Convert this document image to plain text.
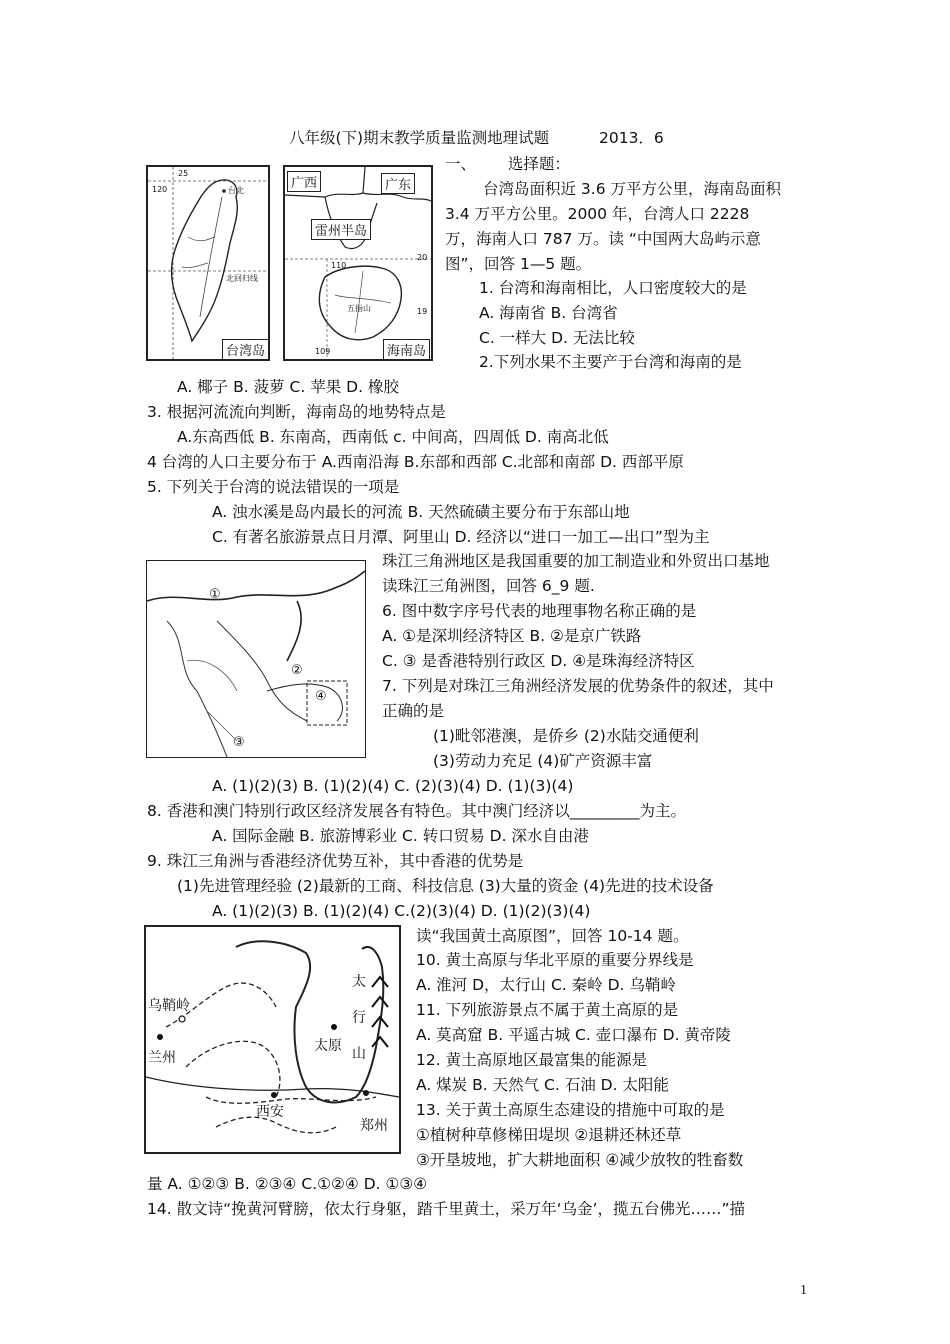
八年级(下)期末教学质量监测地理试题	2013．6
120
25
台北
北回归线
台湾岛
广西	广东
雷州半岛
110
20
109
19
五指山
海南岛
一、 选择题：
台湾岛面积近 3.6 万平方公里，海南岛面积
3.4 万平方公里。2000 年，台湾人口 2228
万，海南人口 787 万。读 “中国两大岛屿示意
图”，回答 1—5 题。
1. 台湾和海南相比，人口密度较大的是
A. 海南省 B. 台湾省
C. 一样大 D. 无法比较
2.下列水果不主要产于台湾和海南的是
A. 椰子 B. 菠萝 C. 苹果 D. 橡胶
3. 根据河流流向判断，海南岛的地势特点是
A.东高西低 B. 东南高，西南低 c. 中间高，四周低 D. 南高北低
4 台湾的人口主要分布于 A.西南沿海 B.东部和西部 C.北部和南部 D. 西部平原
5. 下列关于台湾的说法错误的一项是
A. 浊水溪是岛内最长的河流 B. 天然硫磺主要分布于东部山地
C. 有著名旅游景点日月潭、阿里山 D. 经济以“进口一加工—出口”型为主
①
②
③
④
珠江三角洲地区是我国重要的加工制造业和外贸出口基地
读珠江三角洲图，回答 6_9 题.
6. 图中数字序号代表的地理事物名称正确的是
A. ①是深圳经济特区 B. ②是京广铁路
C. ③ 是香港特别行政区 D. ④是珠海经济特区
7. 下列是对珠江三角洲经济发展的优势条件的叙述，其中
正确的是
(1)毗邻港澳，是侨乡 (2)水陆交通便利
(3)劳动力充足 (4)矿产资源丰富
A. (1)(2)(3) B. (1)(2)(4) C. (2)(3)(4) D. (1)(3)(4)
8. 香港和澳门特别行政区经济发展各有特色。其中澳门经济以_________为主。
A. 国际金融 B. 旅游博彩业 C. 转口贸易 D. 深水自由港
9. 珠江三角洲与香港经济优势互补，其中香港的优势是
(1)先进管理经验 (2)最新的工商、科技信息 (3)大量的资金 (4)先进的技术设备
A. (1)(2)(3) B. (1)(2)(4) C.(2)(3)(4) D. (1)(2)(3)(4)
乌鞘岭
兰州
西安
郑州
太原
太
行
山
读“我国黄土高原图”，回答 10-14 题。
10. 黄土高原与华北平原的重要分界线是
A. 淮河 D，太行山 C. 秦岭 D. 乌鞘岭
11. 下列旅游景点不属于黄土高原的是
A. 莫高窟 B. 平遥古城 C. 壶口瀑布 D. 黄帝陵
12. 黄土高原地区最富集的能源是
A. 煤炭 B. 天然气 C. 石油 D. 太阳能
13. 关于黄土高原生态建设的措施中可取的是
①植树种草修梯田堤坝 ②退耕还林还草
③开垦坡地，扩大耕地面积 ④减少放牧的牲畜数
量 A. ①②③ B. ②③④ C.①②④ D. ①③④
14. 散文诗“挽黄河臂膀，依太行身躯，踏千里黄土，采万年‘乌金’，揽五台佛光……”描
1
